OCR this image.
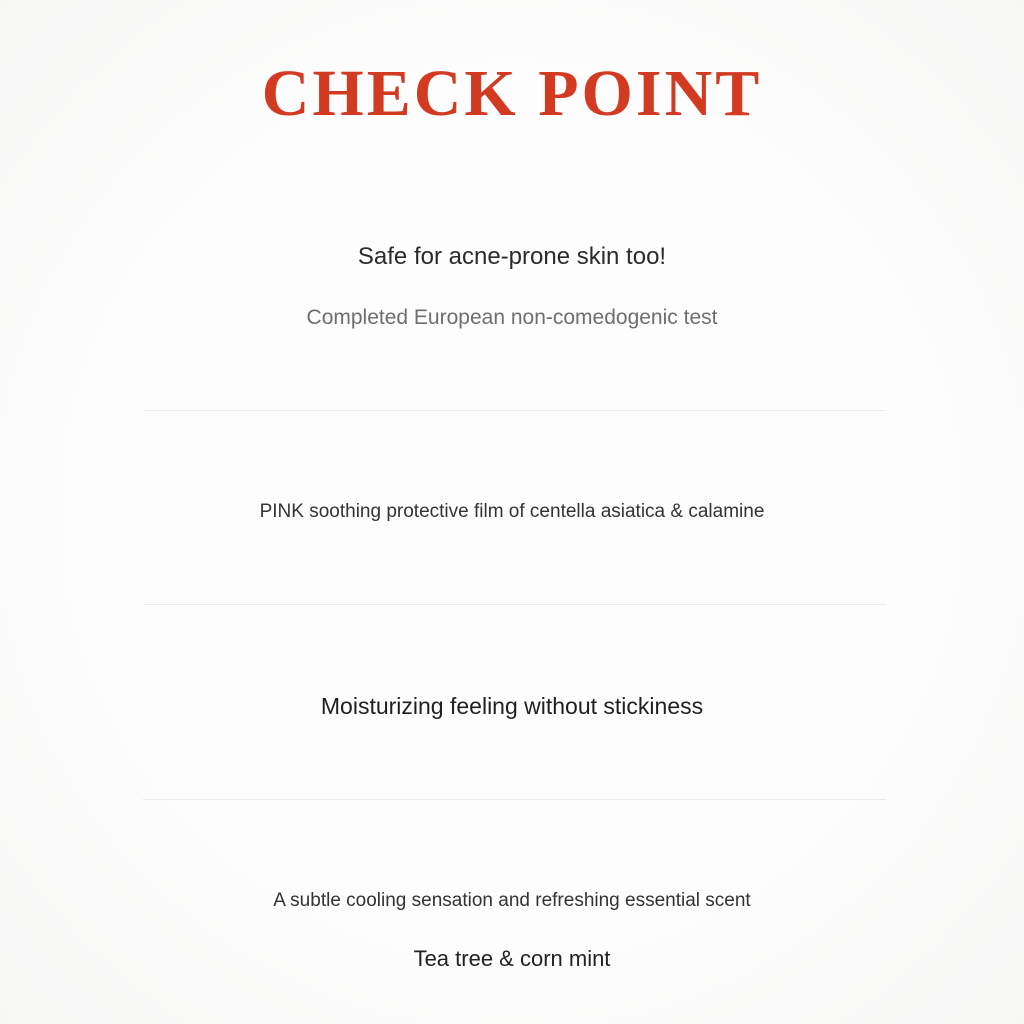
CHECK POINT
Safe for acne-prone skin too!
Completed European non-comedogenic test
PINK soothing protective film of centella asiatica & calamine
Moisturizing feeling without stickiness
A subtle cooling sensation and refreshing essential scent
Tea tree & corn mint
